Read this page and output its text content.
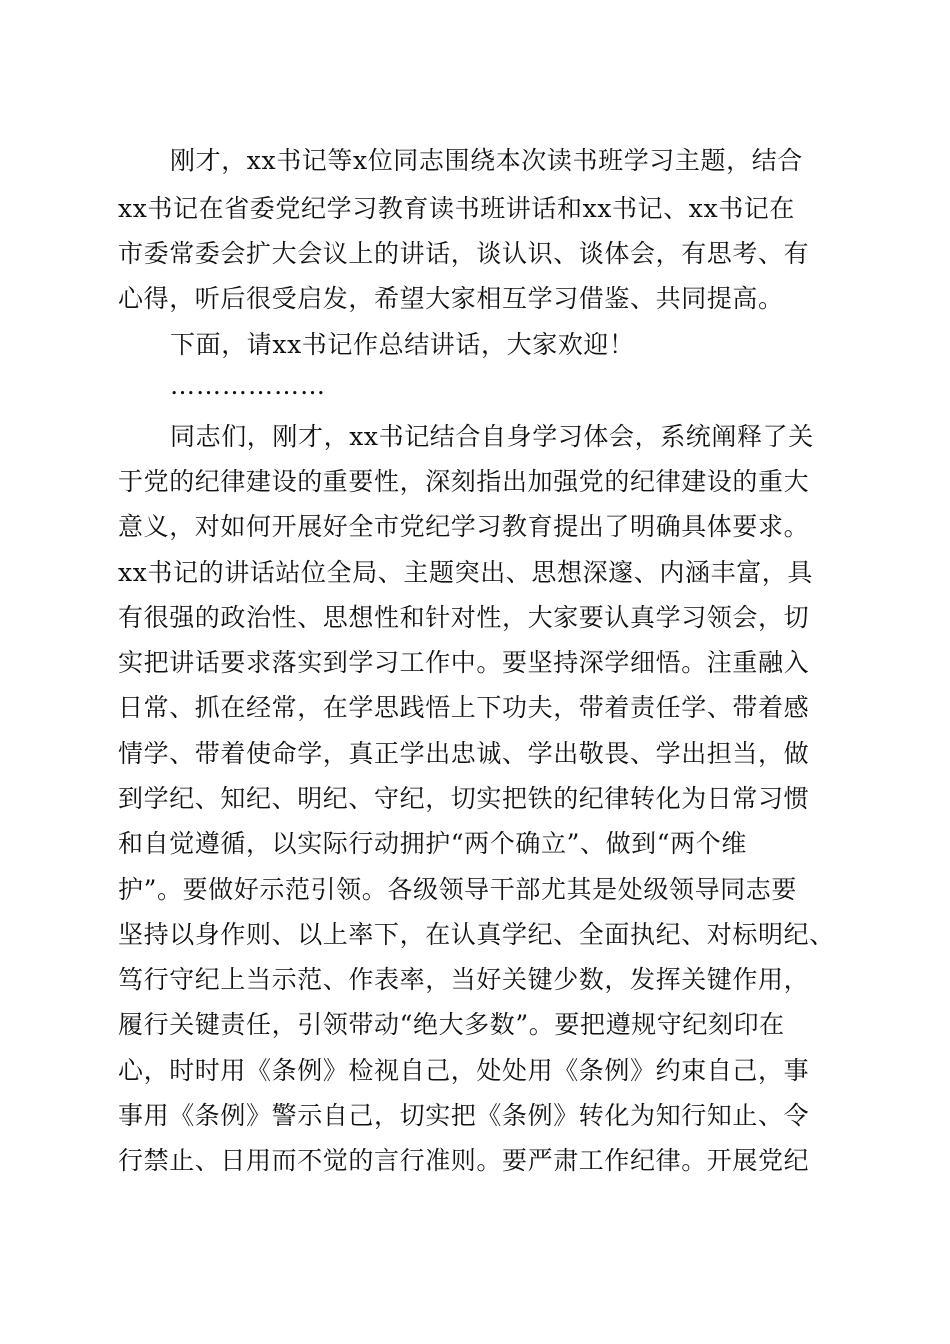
刚才，xx书记等x位同志围绕本次读书班学习主题，结合
xx书记在省委党纪学习教育读书班讲话和xx书记、xx书记在
市委常委会扩大会议上的讲话，谈认识、谈体会，有思考、有
心得，听后很受启发，希望大家相互学习借鉴、共同提高。
下面，请xx书记作总结讲话，大家欢迎！
………………
同志们，刚才，xx书记结合自身学习体会，系统阐释了关
于党的纪律建设的重要性，深刻指出加强党的纪律建设的重大
意义，对如何开展好全市党纪学习教育提出了明确具体要求。
xx书记的讲话站位全局、主题突出、思想深邃、内涵丰富，具
有很强的政治性、思想性和针对性，大家要认真学习领会，切
实把讲话要求落实到学习工作中。要坚持深学细悟。注重融入
日常、抓在经常，在学思践悟上下功夫，带着责任学、带着感
情学、带着使命学，真正学出忠诚、学出敬畏、学出担当，做
到学纪、知纪、明纪、守纪，切实把铁的纪律转化为日常习惯
和自觉遵循，以实际行动拥护“两个确立”、做到“两个维
护”。要做好示范引领。各级领导干部尤其是处级领导同志要
坚持以身作则、以上率下，在认真学纪、全面执纪、对标明纪、
笃行守纪上当示范、作表率，当好关键少数，发挥关键作用，
履行关键责任，引领带动“绝大多数”。要把遵规守纪刻印在
心，时时用《条例》检视自己，处处用《条例》约束自己，事
事用《条例》警示自己，切实把《条例》转化为知行知止、令
行禁止、日用而不觉的言行准则。要严肃工作纪律。开展党纪
